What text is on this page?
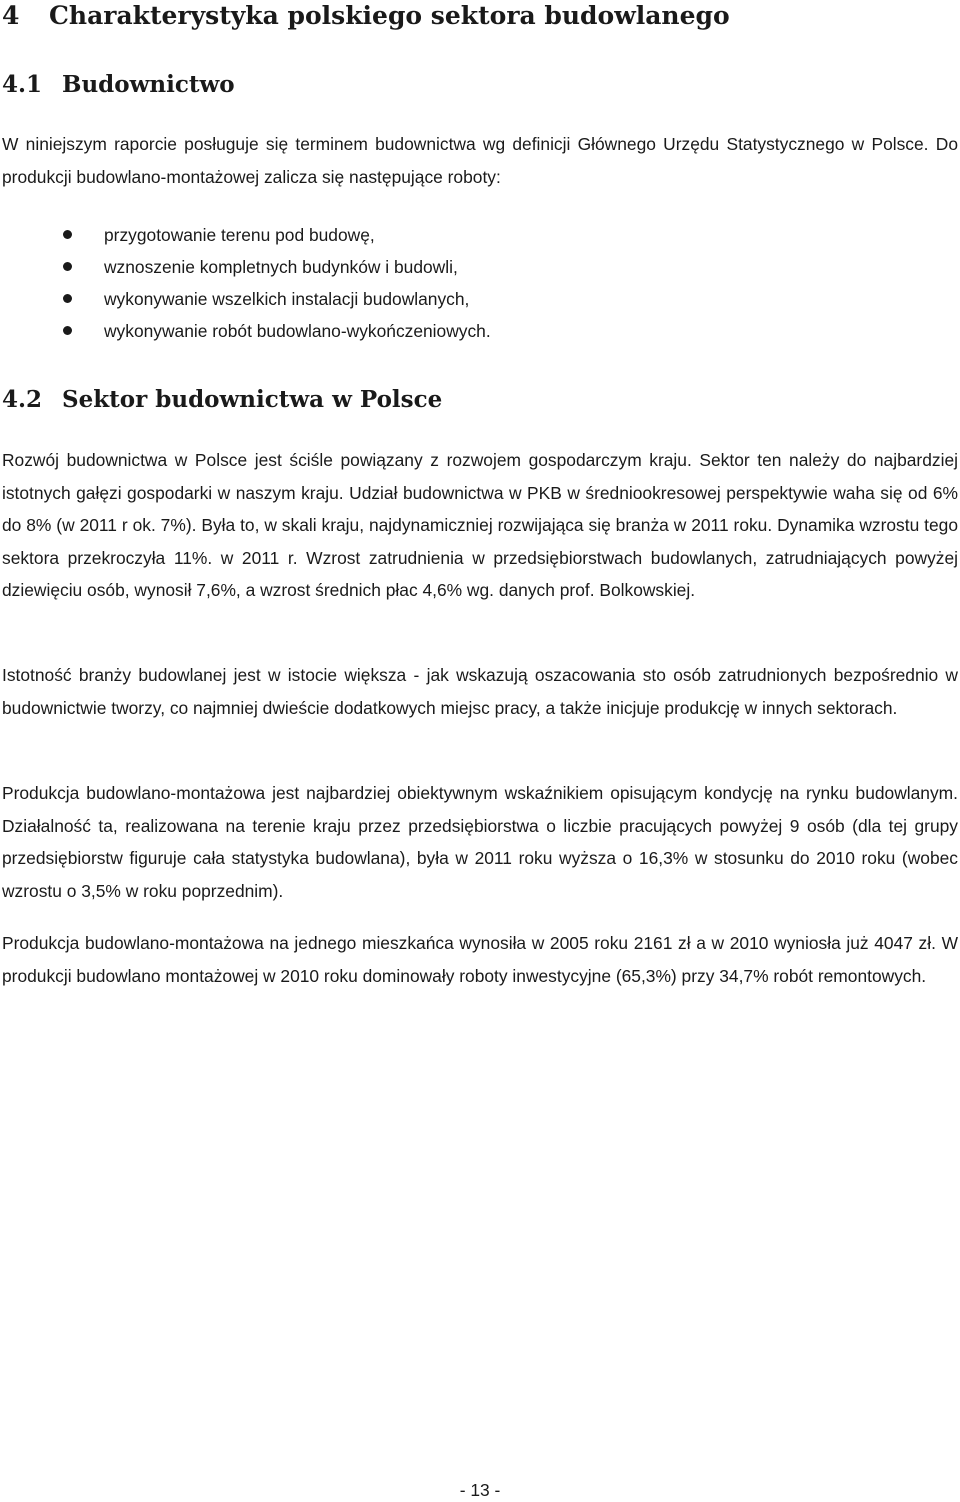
4 Charakterystyka polskiego sektora budowlanego
4.1 Budownictwo

W niniejszym raporcie posługuje się terminem budownictwa wg definicji Głównego Urzędu Statystycznego w Polsce. Do produkcji budowlano-montażowej zalicza się następujące roboty:

przygotowanie terenu pod budowę,
wznoszenie kompletnych budynków i budowli,
wykonywanie wszelkich instalacji budowlanych,
wykonywanie robót budowlano-wykończeniowych.
4.2 Sektor budownictwa w Polsce

Rozwój budownictwa w Polsce jest ściśle powiązany z rozwojem gospodarczym kraju. Sektor ten należy do najbardziej istotnych gałęzi gospodarki w naszym kraju. Udział budownictwa w PKB w średniookresowej perspektywie waha się od 6% do 8% (w 2011 r ok. 7%). Była to, w skali kraju, najdynamiczniej rozwijająca się branża w 2011 roku. Dynamika wzrostu tego sektora przekroczyła 11%. w 2011 r. Wzrost zatrudnienia w przedsiębiorstwach budowlanych, zatrudniających powyżej dziewięciu osób, wynosił 7,6%, a wzrost średnich płac 4,6% wg. danych prof. Bolkowskiej.

Istotność branży budowlanej jest w istocie większa - jak wskazują oszacowania sto osób zatrudnionych bezpośrednio w budownictwie tworzy, co najmniej dwieście dodatkowych miejsc pracy, a także inicjuje produkcję w innych sektorach.

Produkcja budowlano-montażowa jest najbardziej obiektywnym wskaźnikiem opisującym kondycję na rynku budowlanym. Działalność ta, realizowana na terenie kraju przez przedsiębiorstwa o liczbie pracujących powyżej 9 osób (dla tej grupy przedsiębiorstw figuruje cała statystyka budowlana), była w 2011 roku wyższa o 16,3% w stosunku do 2010 roku (wobec wzrostu o 3,5% w roku poprzednim).

Produkcja budowlano-montażowa na jednego mieszkańca wynosiła w 2005 roku 2161 zł a w 2010 wyniosła już 4047 zł. W produkcji budowlano montażowej w 2010 roku dominowały roboty inwestycyjne (65,3%) przy 34,7% robót remontowych.

- 13 -
